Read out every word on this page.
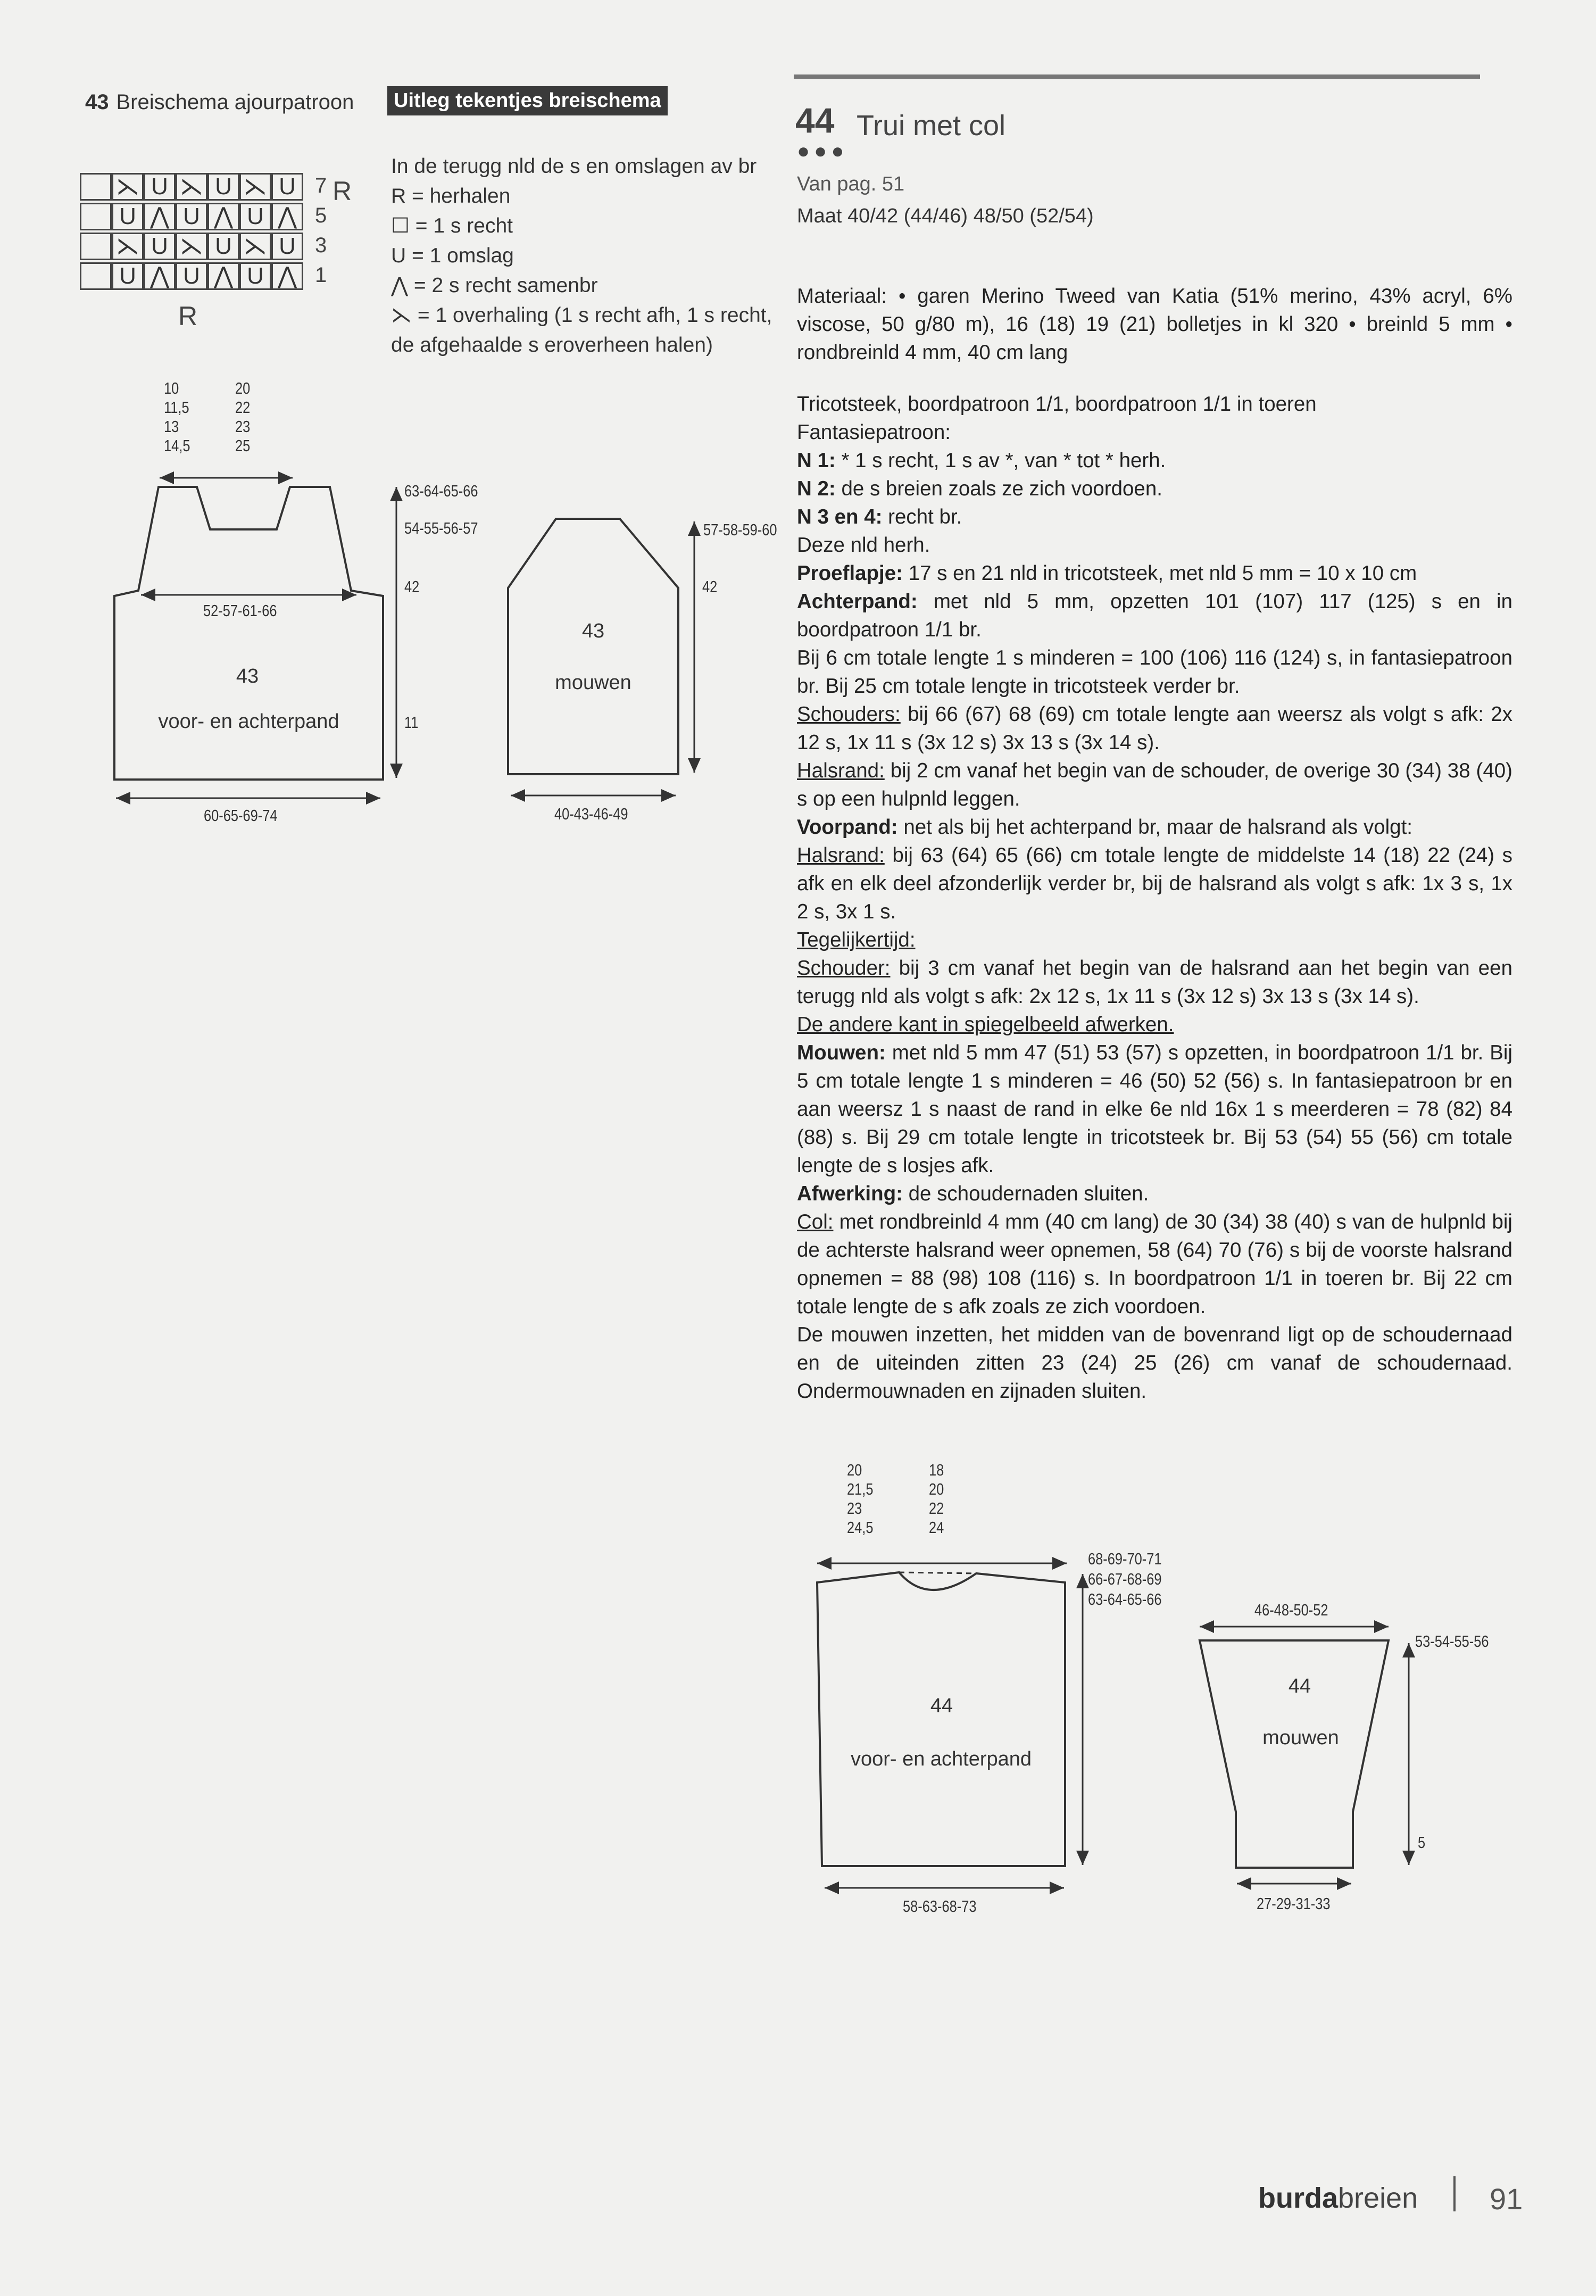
43 Breischema ajourpatroon	Uitleg tekentjes breischema
In de terugg nld de s en omslagen av br
R = herhalen
☐ = 1 s recht
U = 1 omslag
⋀ = 2 s recht samenbr
⋋ = 1 overhaling (1 s recht afh, 1 s recht,
de afgehaalde s eroverheen halen)
⋋ U ⋋ U ⋋ U 7
U ⋀ U ⋀ U ⋀ 5
⋋ U ⋋ U ⋋ U 3
U ⋀ U ⋀ U ⋀ 1
R
R
10
11,5
13
14,5
20
22
23
25
63-64-65-66
54-55-56-57
42
11
52-57-61-66
43
voor- en achterpand
60-65-69-74
57-58-59-60
42
43
mouwen
40-43-46-49
44 Trui met col
●●●
Van pag. 51
Maat 40/42 (44/46) 48/50 (52/54)

Materiaal: • garen Merino Tweed van Katia (51% merino, 43% acryl, 6% viscose, 50 g/80 m), 16 (18) 19 (21) bolletjes in kl 320 • breinld 5 mm • rondbreinld 4 mm, 40 cm lang

Tricotsteek, boordpatroon 1/1, boordpatroon 1/1 in toeren

Fantasiepatroon:

N 1: * 1 s recht, 1 s av *, van * tot * herh.

N 2: de s breien zoals ze zich voordoen.

N 3 en 4: recht br.

Deze nld herh.

Proeflapje: 17 s en 21 nld in tricotsteek, met nld 5 mm = 10 x 10 cm

Achterpand: met nld 5 mm, opzetten 101 (107) 117 (125) s en in boordpatroon 1/1 br.

Bij 6 cm totale lengte 1 s minderen = 100 (106) 116 (124) s, in fantasiepatroon br. Bij 25 cm totale lengte in tricotsteek verder br.

Schouders: bij 66 (67) 68 (69) cm totale lengte aan weersz als volgt s afk: 2x 12 s, 1x 11 s (3x 12 s) 3x 13 s (3x 14 s).

Halsrand: bij 2 cm vanaf het begin van de schouder, de overige 30 (34) 38 (40) s op een hulpnld leggen.

Voorpand: net als bij het achterpand br, maar de halsrand als volgt:

Halsrand: bij 63 (64) 65 (66) cm totale lengte de middelste 14 (18) 22 (24) s afk en elk deel afzonderlijk verder br, bij de halsrand als volgt s afk: 1x 3 s, 1x 2 s, 3x 1 s.

Tegelijkertijd:

Schouder: bij 3 cm vanaf het begin van de halsrand aan het begin van een terugg nld als volgt s afk: 2x 12 s, 1x 11 s (3x 12 s) 3x 13 s (3x 14 s).

De andere kant in spiegelbeeld afwerken.

Mouwen: met nld 5 mm 47 (51) 53 (57) s opzetten, in boordpatroon 1/1 br. Bij 5 cm totale lengte 1 s minderen = 46 (50) 52 (56) s. In fantasiepatroon br en aan weersz 1 s naast de rand in elke 6e nld 16x 1 s meerderen = 78 (82) 84 (88) s. Bij 29 cm totale lengte in tricotsteek br. Bij 53 (54) 55 (56) cm totale lengte de s losjes afk.

Afwerking: de schoudernaden sluiten.

Col: met rondbreinld 4 mm (40 cm lang) de 30 (34) 38 (40) s van de hulpnld bij de achterste halsrand weer opnemen, 58 (64) 70 (76) s bij de voorste halsrand opnemen = 88 (98) 108 (116) s. In boordpatroon 1/1 in toeren br. Bij 22 cm totale lengte de s afk zoals ze zich voordoen.

De mouwen inzetten, het midden van de bovenrand ligt op de schoudernaad en de uiteinden zitten 23 (24) 25 (26) cm vanaf de schoudernaad. Ondermouwnaden en zijnaden sluiten.

20
21,5
23
24,5
18
20
22
24
68-69-70-71
66-67-68-69
63-64-65-66
44
voor- en achterpand
58-63-68-73
46-48-50-52
53-54-55-56
5
44
mouwen
27-29-31-33
burdabreien 91
